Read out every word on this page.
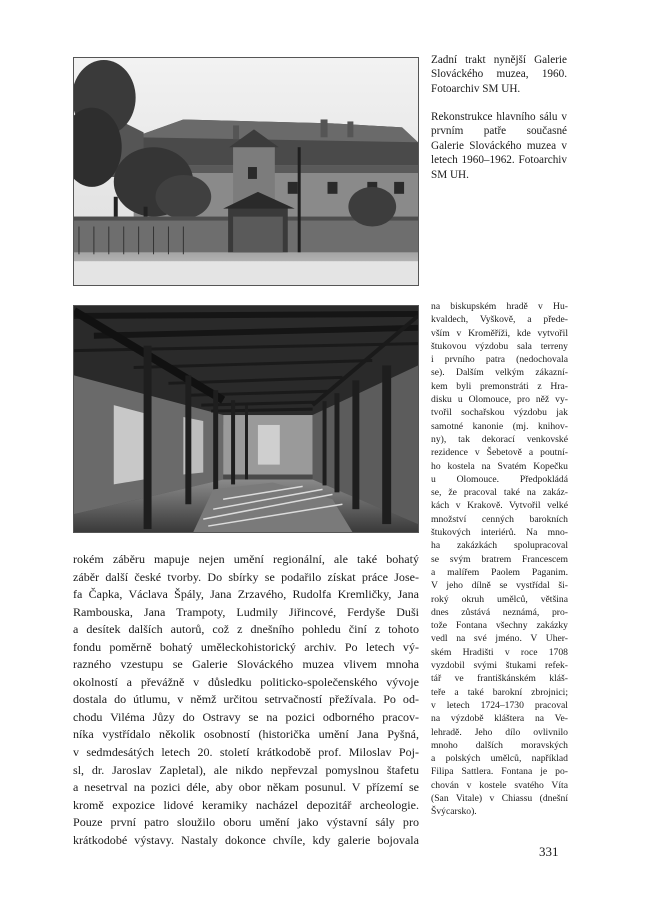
Zadní trakt nynější Galerie Slováckého muzea, 1960. Fotoarchiv SM UH.
Rekonstrukce hlavního sálu v prvním patře současné Galerie Slováckého muzea v letech 1960–1962. Fotoarchiv SM UH.
na biskupském hradě v Hu-
kvaldech, Vyškově, a přede-
vším v Kroměříži, kde vytvořil
štukovou výzdobu sala terreny
i prvního patra (nedochovala
se). Dalším velkým zákazní-
kem byli premonstráti z Hra-
disku u Olomouce, pro něž vy-
tvořil sochařskou výzdobu jak
samotné kanonie (mj. knihov-
ny), tak dekorací venkovské
rezidence v Šebetově a poutní-
ho kostela na Svatém Kopečku
u Olomouce. Předpokládá
se, že pracoval také na zakáz-
kách v Krakově. Vytvořil velké
množství cenných barokních
štukových interiérů. Na mno-
ha zakázkách spolupracoval
se svým bratrem Francescem
a malířem Paolem Paganim.
V jeho dílně se vystřídal ši-
roký okruh umělců, většina
dnes zůstává neznámá, pro-
tože Fontana všechny zakázky
vedl na své jméno. V Uher-
ském Hradišti v roce 1708
vyzdobil svými štukami refek-
tář ve františkánském kláš-
teře a také barokní zbrojnici;
v letech 1724–1730 pracoval
na výzdobě kláštera na Ve-
lehradě. Jeho dílo ovlivnilo
mnoho dalších moravských
a polských umělců, například
Filipa Sattlera. Fontana je po-
chován v kostele svatého Víta
(San Vitale) v Chiassu (dnešní
Švýcarsko).
rokém záběru mapuje nejen umění regionální, ale také bohatý
záběr další české tvorby. Do sbírky se podařilo získat práce Jose-
fa Čapka, Václava Špály, Jana Zrzavého, Rudolfa Kremličky, Jana
Rambouska, Jana Trampoty, Ludmily Jiřincové, Ferdyše Duši
a desítek dalších autorů, což z dnešního pohledu činí z tohoto
fondu poměrně bohatý uměleckohistorický archiv. Po letech vý-
razného vzestupu se Galerie Slováckého muzea vlivem mnoha
okolností a převážně v důsledku politicko-společenského vývoje
dostala do útlumu, v němž určitou setrvačností přežívala. Po od-
chodu Viléma Jůzy do Ostravy se na pozici odborného pracov-
níka vystřídalo několik osobností (historička umění Jana Pyšná,
v sedmdesátých letech 20. století krátkodobě prof. Miloslav Poj-
sl, dr. Jaroslav Zapletal), ale nikdo nepřevzal pomyslnou štafetu
a nesetrval na pozici déle, aby obor někam posunul. V přízemí se
kromě expozice lidové keramiky nacházel depozitář archeologie.
Pouze první patro sloužilo oboru umění jako výstavní sály pro
krátkodobé výstavy. Nastaly dokonce chvíle, kdy galerie bojovala
331
